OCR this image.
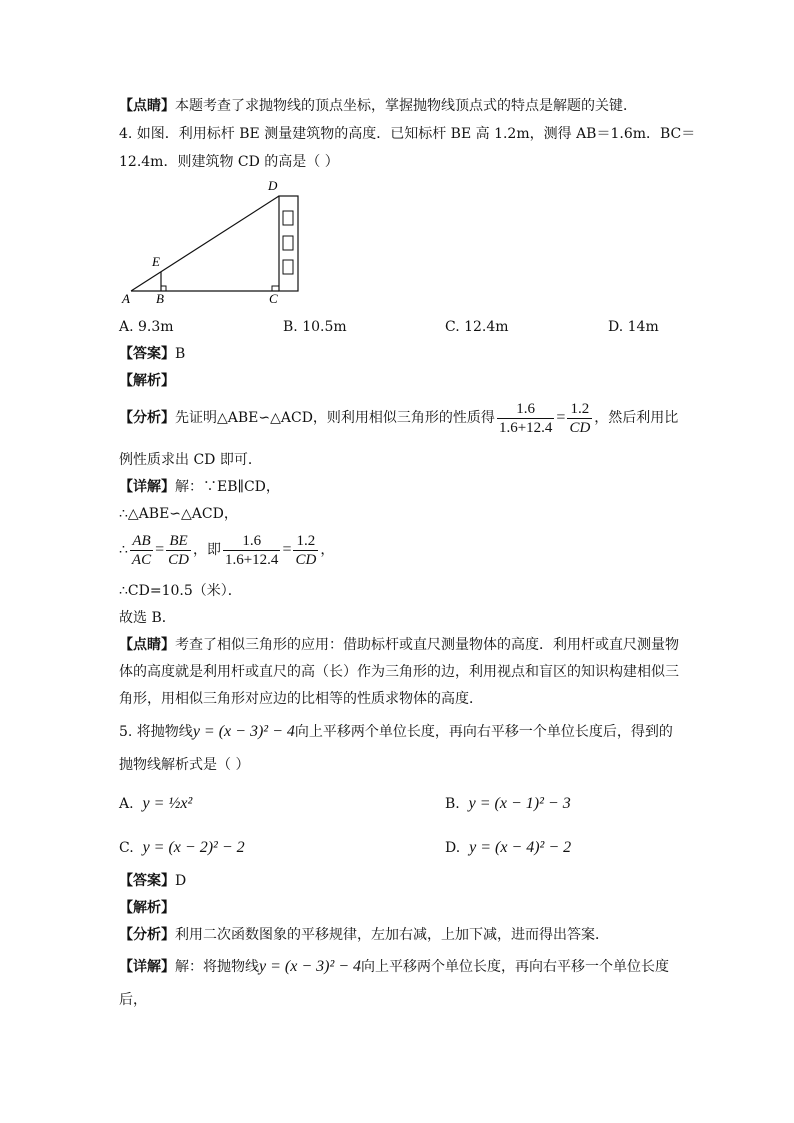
【点睛】本题考查了求抛物线的顶点坐标，掌握抛物线顶点式的特点是解题的关键．
4. 如图．利用标杆 BE 测量建筑物的高度．已知标杆 BE 高 1.2m，测得 AB＝1.6m．BC＝
12.4m．则建筑物 CD 的高是（ ）
D
E
A B	C
A. 9.3m	B. 10.5m	C. 12.4m	D. 14m
【答案】B
【解析】
【分析】先证明△ABE∽△ACD，则利用相似三角形的性质得 $\frac{1.6}{1.6+12.4} = \frac{1.2}{CD}$ ，然后利用比
例性质求出 CD 即可．
【详解】解：∵EB∥CD，
∴△ABE∽△ACD，
∴ $\frac{AB}{AC} = \frac{BE}{CD}$ ，即 $\frac{1.6}{1.6+12.4} = \frac{1.2}{CD}$ ，
∴CD=10.5（米）．
故选 B．
【点睛】考查了相似三角形的应用：借助标杆或直尺测量物体的高度．利用杆或直尺测量物
体的高度就是利用杆或直尺的高（长）作为三角形的边，利用视点和盲区的知识构建相似三
角形，用相似三角形对应边的比相等的性质求物体的高度．
5. 将抛物线y = (x − 3)² − 4向上平移两个单位长度，再向右平移一个单位长度后，得到的
抛物线解析式是（ ）
A. y = ½x²	B. y = (x − 1)² − 3
C. y = (x − 2)² − 2	D. y = (x − 4)² − 2
【答案】D
【解析】
【分析】利用二次函数图象的平移规律，左加右减，上加下减，进而得出答案．
【详解】解：将抛物线y = (x − 3)² − 4向上平移两个单位长度，再向右平移一个单位长度
后，
